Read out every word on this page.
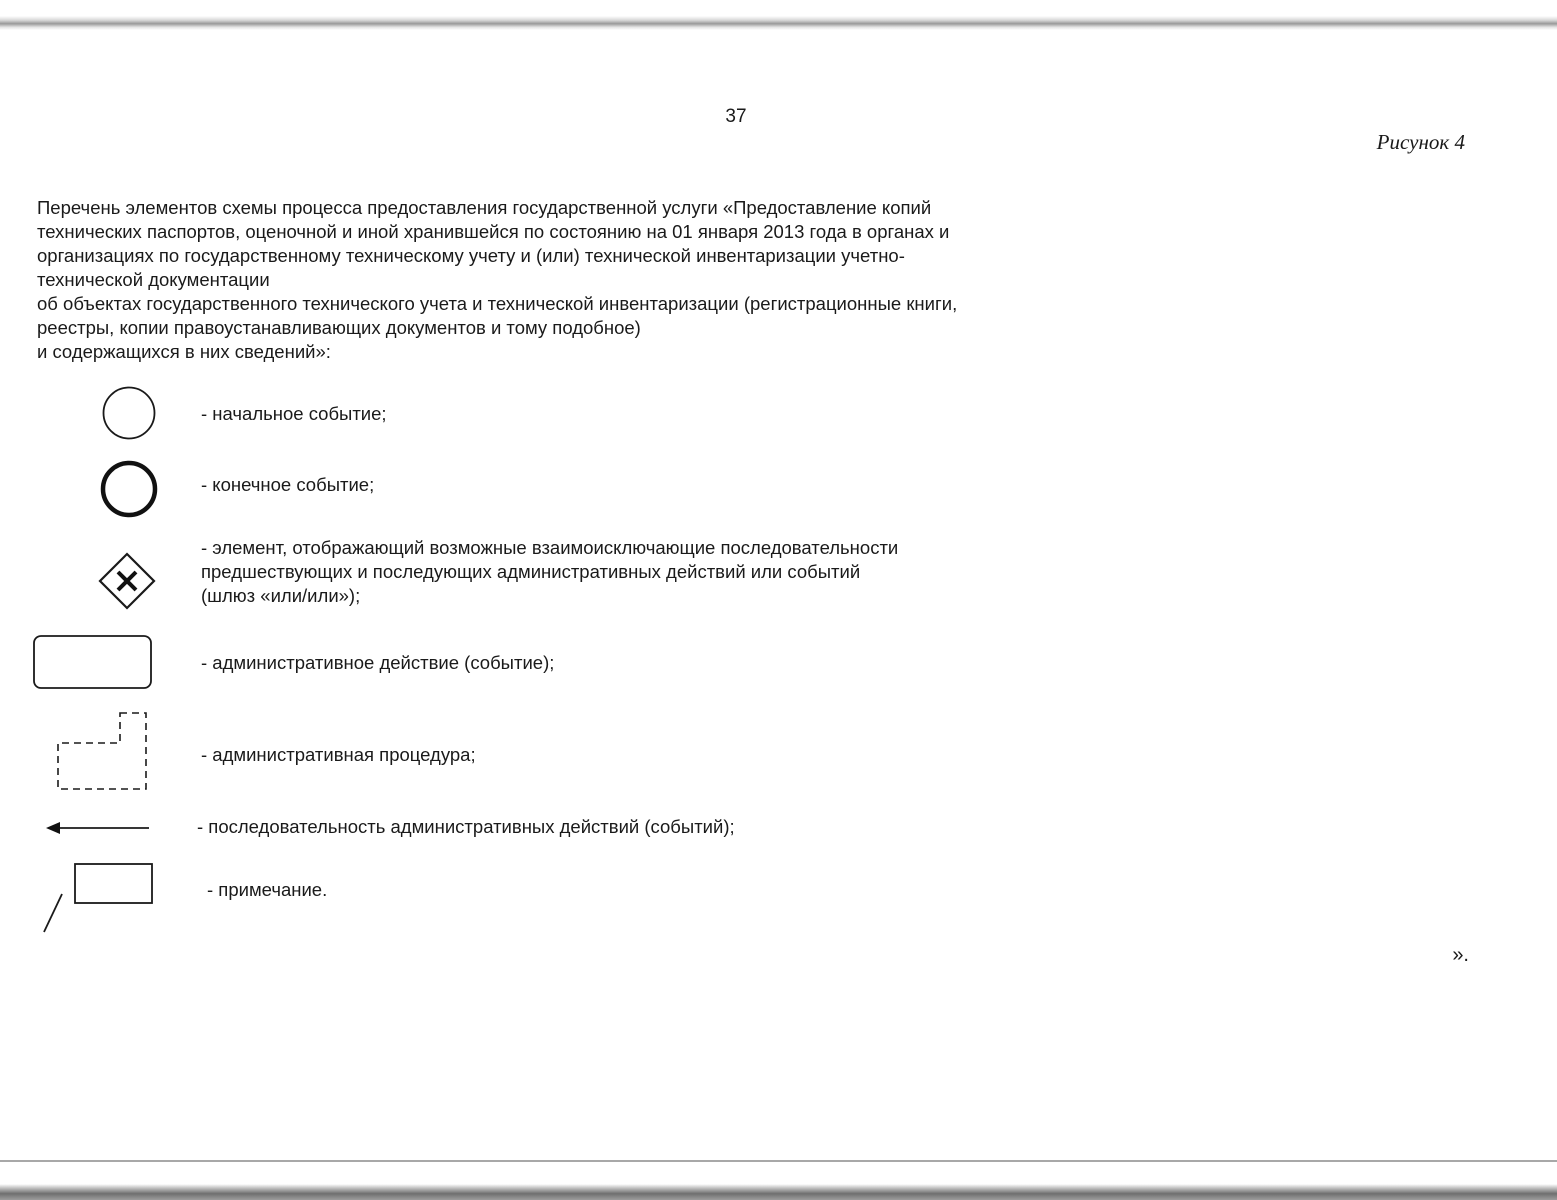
37
Рисунок 4

Перечень элементов схемы процесса предоставления государственной услуги «Предоставление копий
технических паспортов, оценочной и иной хранившейся по состоянию на 01 января 2013 года в органах и
организациях по государственному техническому учету и (или) технической инвентаризации учетно-
технической документации
об объектах государственного технического учета и технической инвентаризации (регистрационные книги,
реестры, копии правоустанавливающих документов и тому подобное)
и содержащихся в них сведений»:

- начальное событие;

- конечное событие;

- элемент, отображающий возможные взаимоисключающие последовательности
предшествующих и последующих административных действий или событий
(шлюз «или/или»);

- административное действие (событие);

- административная процедура;

- последовательность административных действий (событий);

- примечание.

».
